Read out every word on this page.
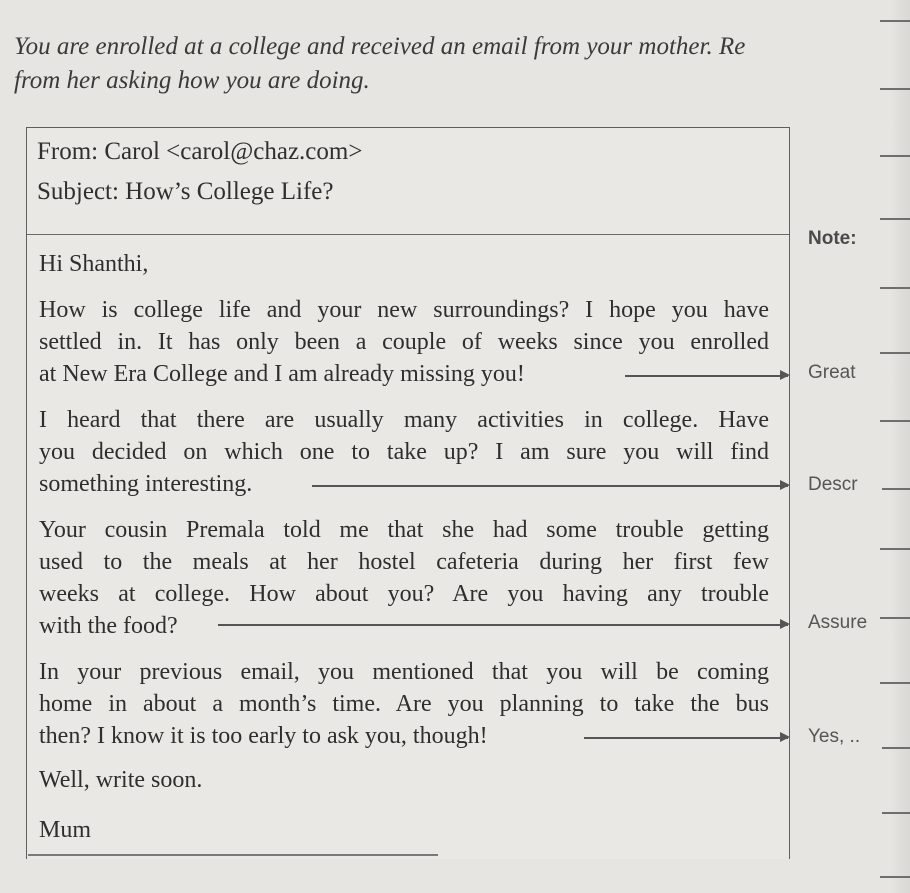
You are enrolled at a college and received an email from your mother. Re
from her asking how you are doing.
From: Carol <carol@chaz.com>
Subject: How’s College Life?
Hi Shanthi,
How is college life and your new surroundings? I hope you have
settled in. It has only been a couple of weeks since you enrolled
at New Era College and I am already missing you!
I heard that there are usually many activities in college. Have
you decided on which one to take up? I am sure you will find
something interesting.
Your cousin Premala told me that she had some trouble getting
used to the meals at her hostel cafeteria during her first few
weeks at college. How about you? Are you having any trouble
with the food?
In your previous email, you mentioned that you will be coming
home in about a month’s time. Are you planning to take the bus
then? I know it is too early to ask you, though!
Well, write soon.
Mum
Note:
Great
Descr
Assure
Yes, ..
